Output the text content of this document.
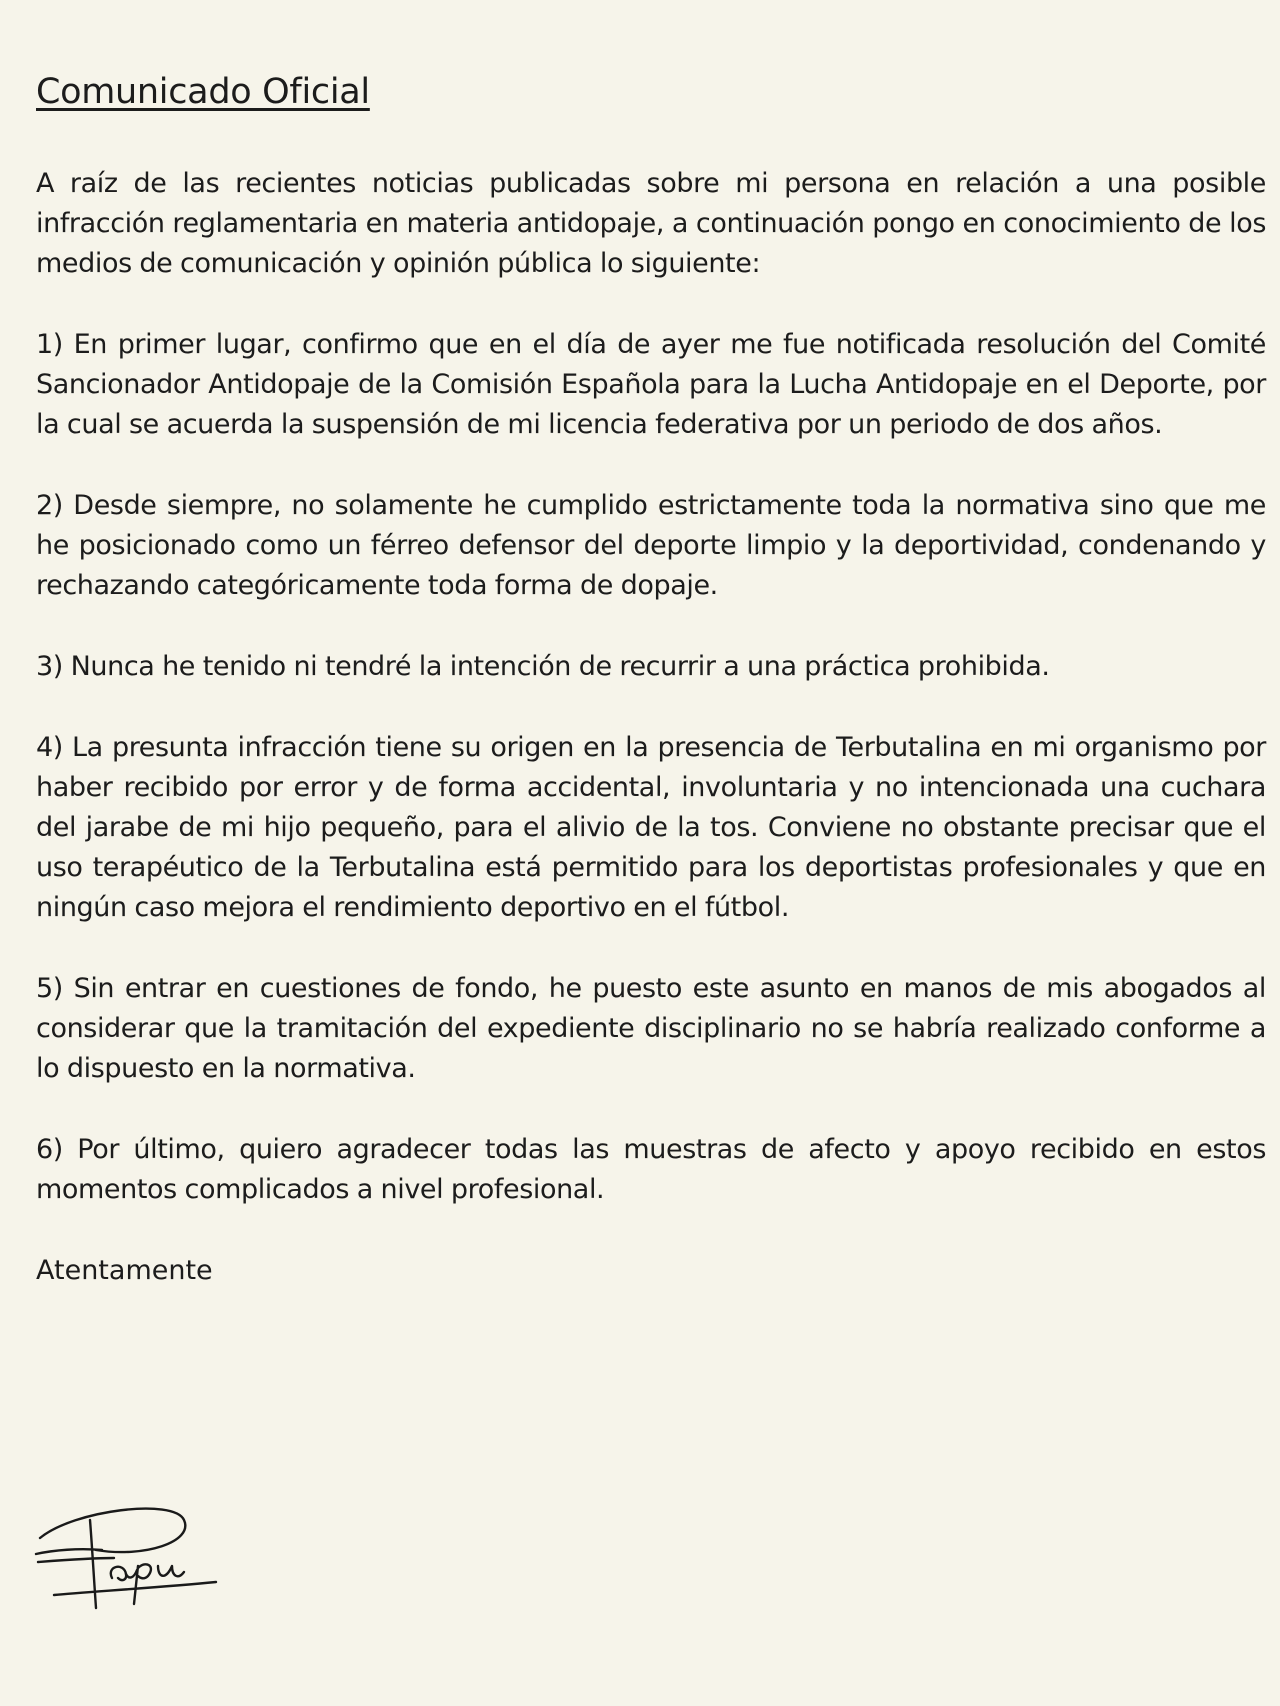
Comunicado Oficial

A raíz de las recientes noticias publicadas sobre mi persona en relación a una posible infracción reglamentaria en materia antidopaje, a continuación pongo en conocimiento de los medios de comunicación y opinión pública lo siguiente:

1) En primer lugar, confirmo que en el día de ayer me fue notificada resolución del Comité Sancionador Antidopaje de la Comisión Española para la Lucha Antidopaje en el Deporte, por la cual se acuerda la suspensión de mi licencia federativa por un periodo de dos años.

2) Desde siempre, no solamente he cumplido estrictamente toda la normativa sino que me he posicionado como un férreo defensor del deporte limpio y la deportividad, condenando y rechazando categóricamente toda forma de dopaje.

3) Nunca he tenido ni tendré la intención de recurrir a una práctica prohibida.

4) La presunta infracción tiene su origen en la presencia de Terbutalina en mi organismo por haber recibido por error y de forma accidental, involuntaria y no intencionada una cuchara del jarabe de mi hijo pequeño, para el alivio de la tos. Conviene no obstante precisar que el uso terapéutico de la Terbutalina está permitido para los deportistas profesionales y que en ningún caso mejora el rendimiento deportivo en el fútbol.

5) Sin entrar en cuestiones de fondo, he puesto este asunto en manos de mis abogados al considerar que la tramitación del expediente disciplinario no se habría realizado conforme a lo dispuesto en la normativa.

6) Por último, quiero agradecer todas las muestras de afecto y apoyo recibido en estos momentos complicados a nivel profesional.

Atentamente
